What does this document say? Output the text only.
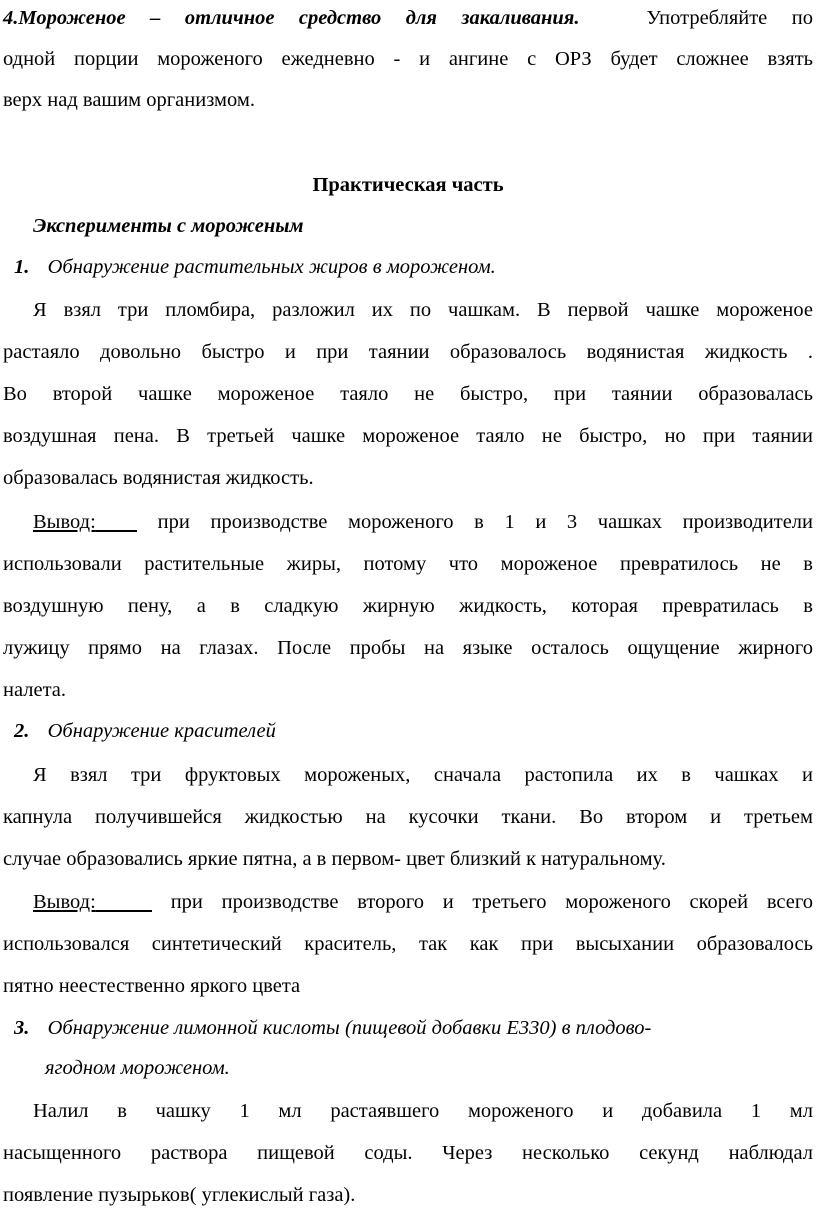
4.Мороженое – отличное средство для закаливания.	Употребляйте по
одной порции мороженого ежедневно - и ангине с ОРЗ будет сложнее взять
верх над вашим организмом.
Практическая часть
Эксперименты с мороженым
1. Обнаружение растительных жиров в мороженом.
Я взял три пломбира, разложил их по чашкам. В первой чашке мороженое
растаяло довольно быстро и при таянии образовалось водянистая жидкость .
Во второй чашке мороженое таяло не быстро, при таянии образовалась
воздушная пена. В третьей чашке мороженое таяло не быстро, но при таянии
образовалась водянистая жидкость.
Вывод:	при производстве мороженого в 1 и 3 чашках производители
использовали растительные жиры, потому что мороженое превратилось не в
воздушную пену, а в сладкую жирную жидкость, которая превратилась в
лужицу прямо на глазах. После пробы на языке осталось ощущение жирного
налета.
2. Обнаружение красителей
Я взял три фруктовых мороженых, сначала растопила их в чашках и
капнула получившейся жидкостью на кусочки ткани. Во втором и третьем
случае образовались яркие пятна, а в первом- цвет близкий к натуральному.
Вывод:	при производстве второго и третьего мороженого скорей всего
использовался синтетический краситель, так как при высыхании образовалось
пятно неестественно яркого цвета
3. Обнаружение лимонной кислоты (пищевой добавки Е330) в плодово-
ягодном мороженом.
Налил в чашку 1 мл растаявшего мороженого и добавила 1 мл
насыщенного раствора пищевой соды. Через несколько секунд наблюдал
появление пузырьков( углекислый газа).
